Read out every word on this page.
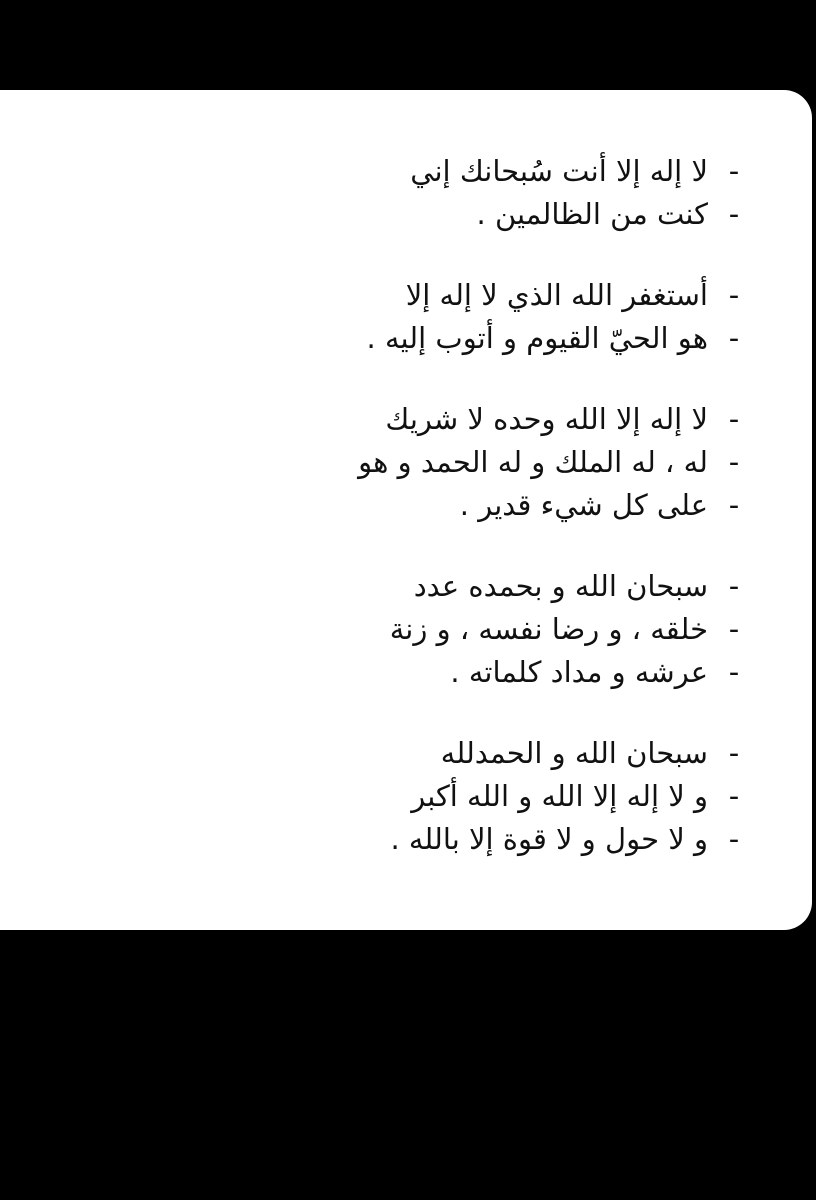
-
لا إله إلا أنت سُبحانك إني
-
كنت من الظالمين .
-
أستغفر الله الذي لا إله إلا
-
هو الحيّ القيوم و أتوب إليه .
-
لا إله إلا الله وحده لا شريك
-
له ، له الملك و له الحمد و هو
-
على كل شيء قدير .
-
سبحان الله و بحمده عدد
-
خلقه ، و رضا نفسه ، و زنة
-
عرشه و مداد كلماته .
-
سبحان الله و الحمدلله
-
و لا إله إلا الله و الله أكبر
-
و لا حول و لا قوة إلا بالله .
